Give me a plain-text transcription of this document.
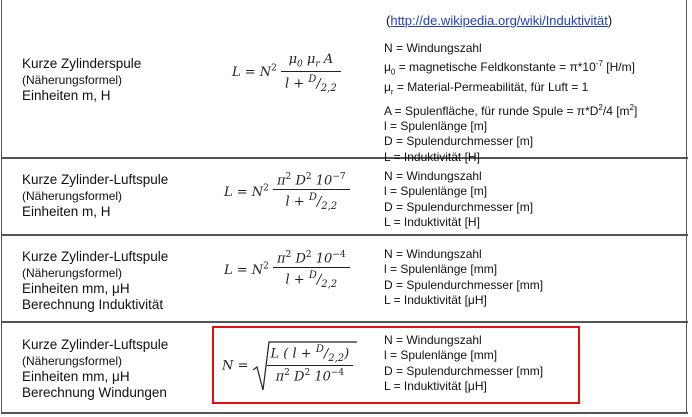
(http://de.wikipedia.org/wiki/Induktivität)
Kurze Zylinderspule
(Näherungsformel)
Einheiten m, H
$L = N^2 \frac{\mu_0 \mu_r A}{l + ^D/_{2,2}}$
N = Windungszahl
$\mu_0$ = magnetische Feldkonstante = $\pi*10^{-7}$ [H/m]
$\mu_r$ = Material-Permeabilität, für Luft = 1
A = Spulenfläche, für runde Spule = $\pi*D^2/4$ $[m^2]$
l = Spulenlänge [m]
D = Spulendurchmesser [m]
L = Induktivität [H]
Kurze Zylinder-Luftspule
(Näherungsformel)
Einheiten m, H
$L = N^2 \frac{\pi^2 D^2 10^{-7}}{l + ^D/_{2,2}}$	N = Windungszahl
l = Spulenlänge [m]
D = Spulendurchmesser [m]
L = Induktivität [H]
Kurze Zylinder-Luftspule
(Näherungsformel)
Einheiten mm, μH
Berechnung Induktivität
$L = N^2 \frac{\pi^2 D^2 10^{-4}}{l + ^D/_{2,2}}$	N = Windungszahl
l = Spulenlänge [mm]
D = Spulendurchmesser [mm]
L = Induktivität [μH]
Kurze Zylinder-Luftspule
(Näherungsformel)
Einheiten mm, μH
Berechnung Windungen
$N = \frac{L ( l + ^D/_{2,2})}{\pi^2 D^2 10^{-4}}$
N = Windungszahl
l = Spulenlänge [mm]
D = Spulendurchmesser [mm]
L = Induktivität [μH]
